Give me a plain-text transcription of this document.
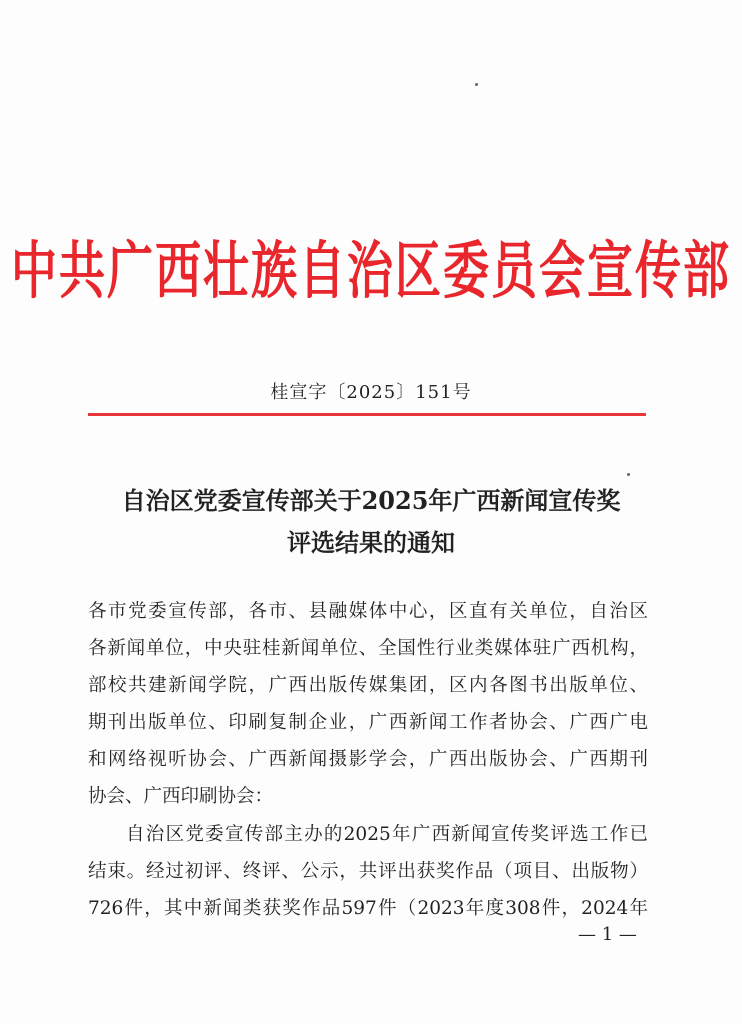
中共广西壮族自治区委员会宣传部
桂宣字〔2025〕151号
自治区党委宣传部关于2025年广西新闻宣传奖
评选结果的通知
各市党委宣传部，各市、县融媒体中心，区直有关单位，自治区
各新闻单位，中央驻桂新闻单位、全国性行业类媒体驻广西机构，
部校共建新闻学院，广西出版传媒集团，区内各图书出版单位、
期刊出版单位、印刷复制企业，广西新闻工作者协会、广西广电
和网络视听协会、广西新闻摄影学会，广西出版协会、广西期刊
协会、广西印刷协会：
自治区党委宣传部主办的2025年广西新闻宣传奖评选工作已
结束。经过初评、终评、公示，共评出获奖作品（项目、出版物）
726件，其中新闻类获奖作品597件（2023年度308件，2024年
— 1 —
